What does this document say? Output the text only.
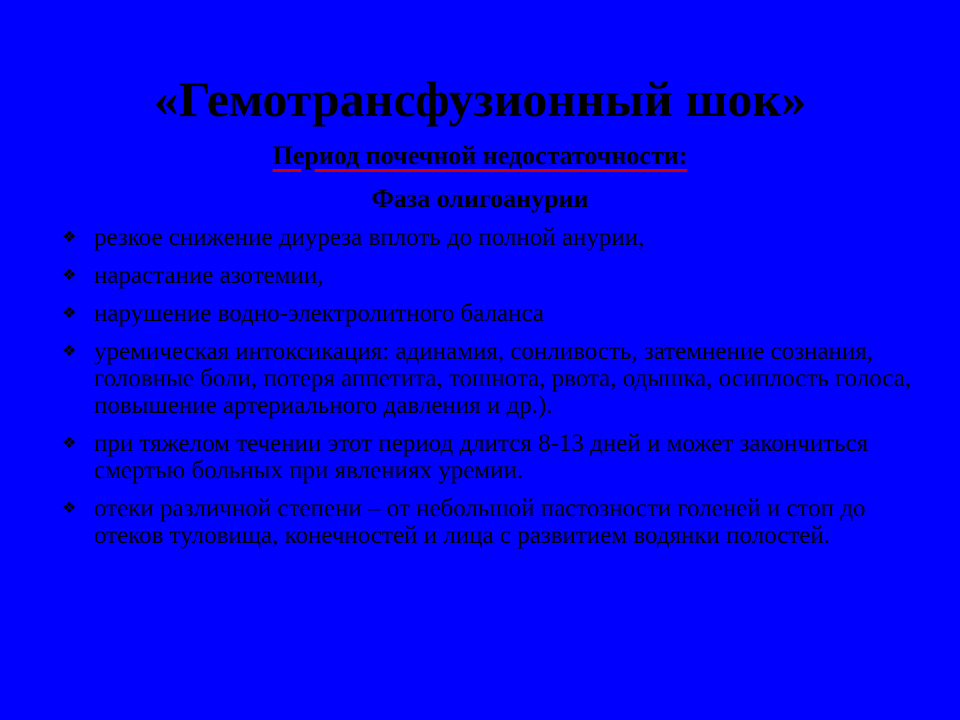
«Гемотрансфузионный шок»
Период почечной недостаточности:
Фаза олигоанурии
❖ резкое снижение диуреза вплоть до полной анурии,
❖ нарастание азотемии,
❖ нарушение водно-электролитного баланса
❖ уремическая интоксикация: адинамия, сонливость, затемнение сознания, головные боли, потеря аппетита, тошнота, рвота, одышка, осиплость голоса, повышение артериального давления и др.).
❖ при тяжелом течении этот период длится 8-13 дней и может закончиться смертью больных при явлениях уремии.
❖ отеки различной степени – от небольшой пастозности голеней и стоп до отеков туловища, конечностей и лица с развитием водянки полостей.
